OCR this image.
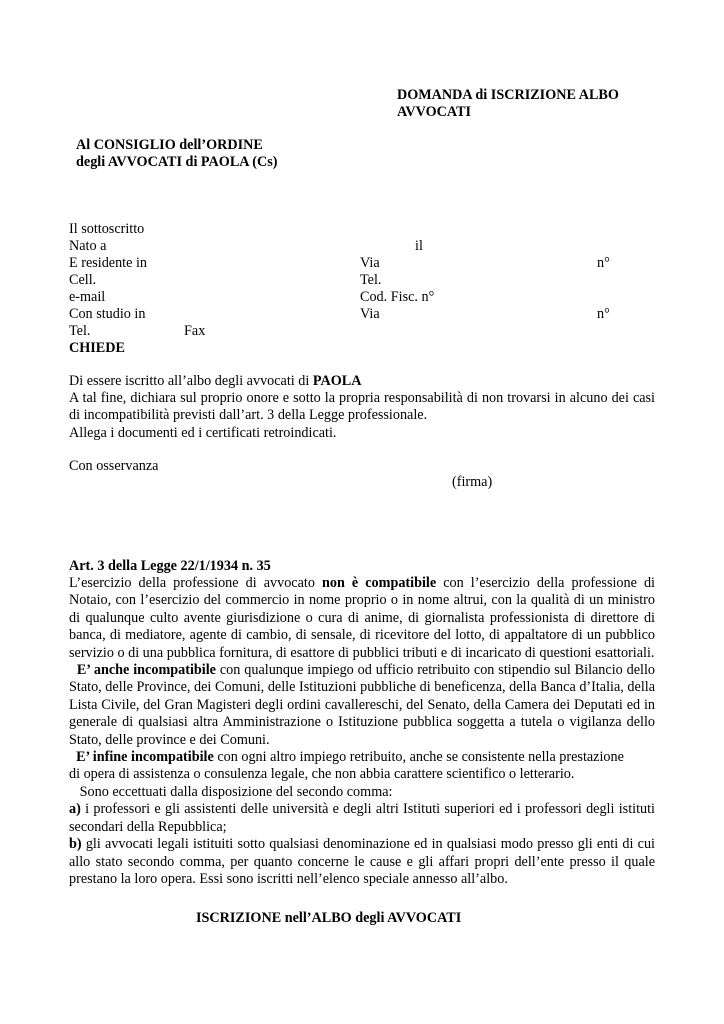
DOMANDA di ISCRIZIONE ALBO
AVVOCATI
Al CONSIGLIO dell’ORDINE
degli AVVOCATI di PAOLA (Cs)
Il sottoscritto
Nato a	il
E residente in	Via	n°
Cell.	Tel.
e-mail	Cod. Fisc. n°
Con studio in	Via	n°
Tel.	Fax
CHIEDE
Di essere iscritto all’albo degli avvocati di PAOLA

A tal fine, dichiara sul proprio onore e sotto la propria responsabilità di non trovarsi in alcuno dei casi di incompatibilità previsti dall’art. 3 della Legge professionale.

Allega i documenti ed i certificati retroindicati.
Con osservanza
(firma)
Art. 3 della Legge 22/1/1934 n. 35

L’esercizio della professione di avvocato non è compatibile con l’esercizio della professione di Notaio, con l’esercizio del commercio in nome proprio o in nome altrui, con la qualità di un ministro di qualunque culto avente giurisdizione o cura di anime, di giornalista professionista di direttore di banca, di mediatore, agente di cambio, di sensale, di ricevitore del lotto, di appaltatore di un pubblico servizio o di una pubblica fornitura, di esattore di pubblici tributi e di incaricato di questioni esattoriali.

E’ anche incompatibile con qualunque impiego od ufficio retribuito con stipendio sul Bilancio dello Stato, delle Province, dei Comuni, delle Istituzioni pubbliche di beneficenza, della Banca d’Italia, della Lista Civile, del Gran Magisteri degli ordini cavallereschi, del Senato, della Camera dei Deputati ed in generale di qualsiasi altra Amministrazione o Istituzione pubblica soggetta a tutela o vigilanza dello Stato, delle province e dei Comuni.

E’ infine incompatibile con ogni altro impiego retribuito, anche se consistente nella prestazione

di opera di assistenza o consulenza legale, che non abbia carattere scientifico o letterario.

Sono eccettuati dalla disposizione del secondo comma:

a) i professori e gli assistenti delle università e degli altri Istituti superiori ed i professori degli istituti secondari della Repubblica;

b) gli avvocati legali istituiti sotto qualsiasi denominazione ed in qualsiasi modo presso gli enti di cui allo stato secondo comma, per quanto concerne le cause e gli affari propri dell’ente presso il quale prestano la loro opera. Essi sono iscritti nell’elenco speciale annesso all’albo.

ISCRIZIONE nell’ALBO degli AVVOCATI
